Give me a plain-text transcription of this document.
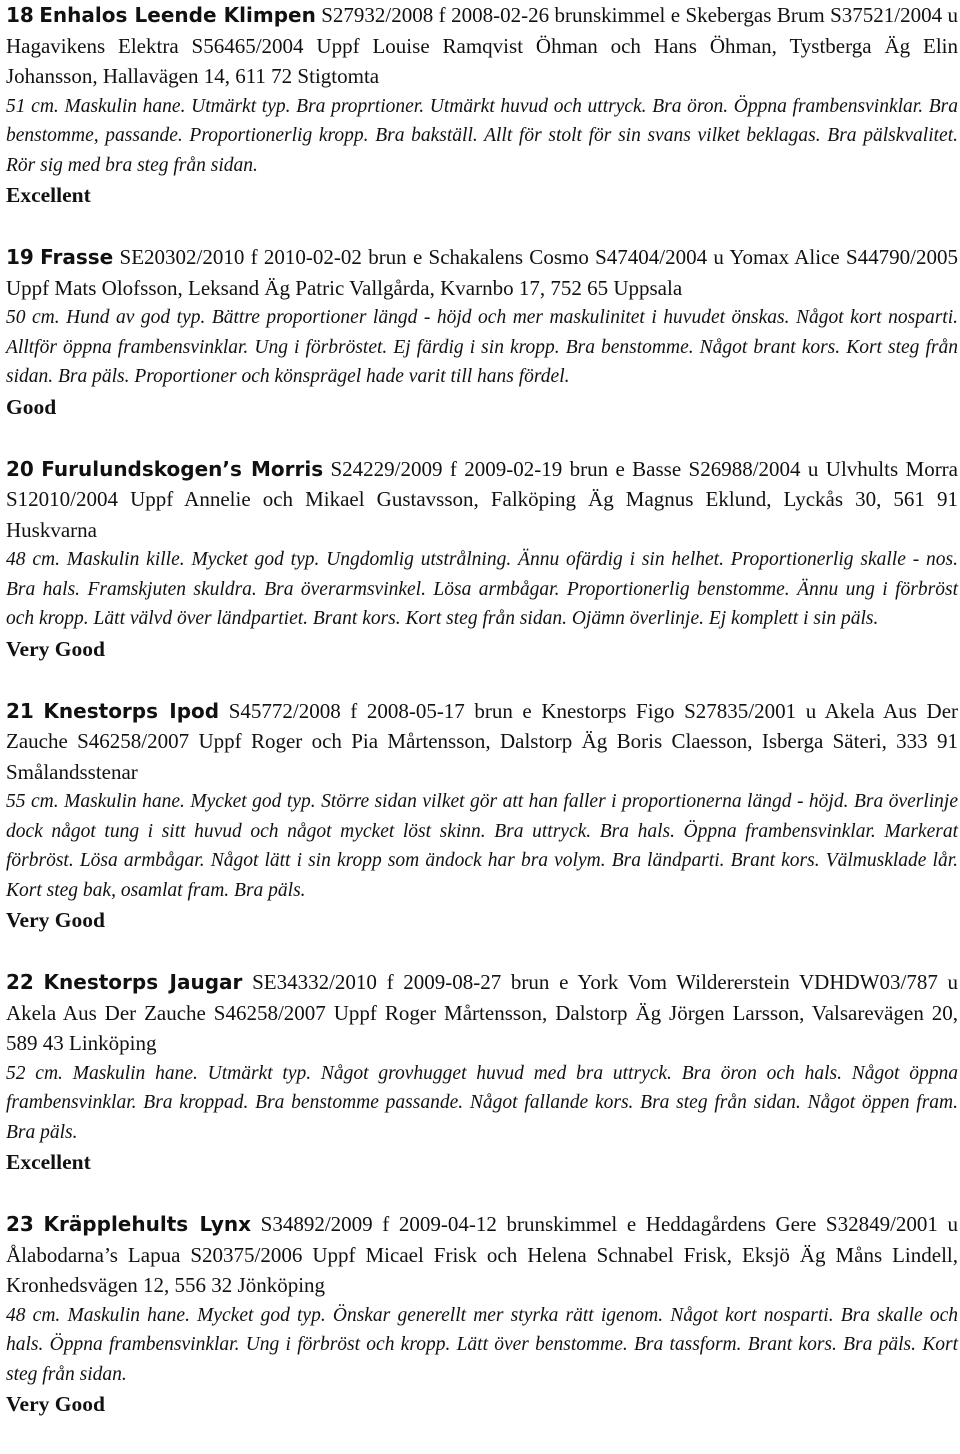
18 Enhalos Leende Klimpen S27932/2008 f 2008-02-26 brunskimmel e Skebergas Brum S37521/2004 u Hagavikens Elektra S56465/2004 Uppf Louise Ramqvist Öhman och Hans Öhman, Tystberga Äg Elin Johansson, Hallavägen 14, 611 72 Stigtomta

51 cm. Maskulin hane. Utmärkt typ. Bra proprtioner. Utmärkt huvud och uttryck. Bra öron. Öppna frambensvinklar. Bra benstomme, passande. Proportionerlig kropp. Bra bakställ. Allt för stolt för sin svans vilket beklagas. Bra pälskvalitet. Rör sig med bra steg från sidan.

Excellent

19 Frasse SE20302/2010 f 2010-02-02 brun e Schakalens Cosmo S47404/2004 u Yomax Alice S44790/2005 Uppf Mats Olofsson, Leksand Äg Patric Vallgårda, Kvarnbo 17, 752 65 Uppsala

50 cm. Hund av god typ. Bättre proportioner längd - höjd och mer maskulinitet i huvudet önskas. Något kort nosparti. Alltför öppna frambensvinklar. Ung i förbröstet. Ej färdig i sin kropp. Bra benstomme. Något brant kors. Kort steg från sidan. Bra päls. Proportioner och könsprägel hade varit till hans fördel.

Good

20 Furulundskogen’s Morris S24229/2009 f 2009-02-19 brun e Basse S26988/2004 u Ulvhults Morra S12010/2004 Uppf Annelie och Mikael Gustavsson, Falköping Äg Magnus Eklund, Lyckås 30, 561 91 Huskvarna

48 cm. Maskulin kille. Mycket god typ. Ungdomlig utstrålning. Ännu ofärdig i sin helhet. Proportionerlig skalle - nos. Bra hals. Framskjuten skuldra. Bra överarmsvinkel. Lösa armbågar. Proportionerlig benstomme. Ännu ung i förbröst och kropp. Lätt välvd över ländpartiet. Brant kors. Kort steg från sidan. Ojämn överlinje. Ej komplett i sin päls.

Very Good

21 Knestorps Ipod S45772/2008 f 2008-05-17 brun e Knestorps Figo S27835/2001 u Akela Aus Der Zauche S46258/2007 Uppf Roger och Pia Mårtensson, Dalstorp Äg Boris Claesson, Isberga Säteri, 333 91 Smålandsstenar

55 cm. Maskulin hane. Mycket god typ. Större sidan vilket gör att han faller i proportionerna längd - höjd. Bra överlinje dock något tung i sitt huvud och något mycket löst skinn. Bra uttryck. Bra hals. Öppna frambensvinklar. Markerat förbröst. Lösa armbågar. Något lätt i sin kropp som ändock har bra volym. Bra ländparti. Brant kors. Välmusklade lår. Kort steg bak, osamlat fram. Bra päls.

Very Good

22 Knestorps Jaugar SE34332/2010 f 2009-08-27 brun e York Vom Wildererstein VDHDW03/787 u Akela Aus Der Zauche S46258/2007 Uppf Roger Mårtensson, Dalstorp Äg Jörgen Larsson, Valsarevägen 20, 589 43 Linköping

52 cm. Maskulin hane. Utmärkt typ. Något grovhugget huvud med bra uttryck. Bra öron och hals. Något öppna frambensvinklar. Bra kroppad. Bra benstomme passande. Något fallande kors. Bra steg från sidan. Något öppen fram. Bra päls.

Excellent

23 Kräpplehults Lynx S34892/2009 f 2009-04-12 brunskimmel e Heddagårdens Gere S32849/2001 u Ålabodarna’s Lapua S20375/2006 Uppf Micael Frisk och Helena Schnabel Frisk, Eksjö Äg Måns Lindell, Kronhedsvägen 12, 556 32 Jönköping

48 cm. Maskulin hane. Mycket god typ. Önskar generellt mer styrka rätt igenom. Något kort nosparti. Bra skalle och hals. Öppna frambensvinklar. Ung i förbröst och kropp. Lätt över benstomme. Bra tassform. Brant kors. Bra päls. Kort steg från sidan.

Very Good
